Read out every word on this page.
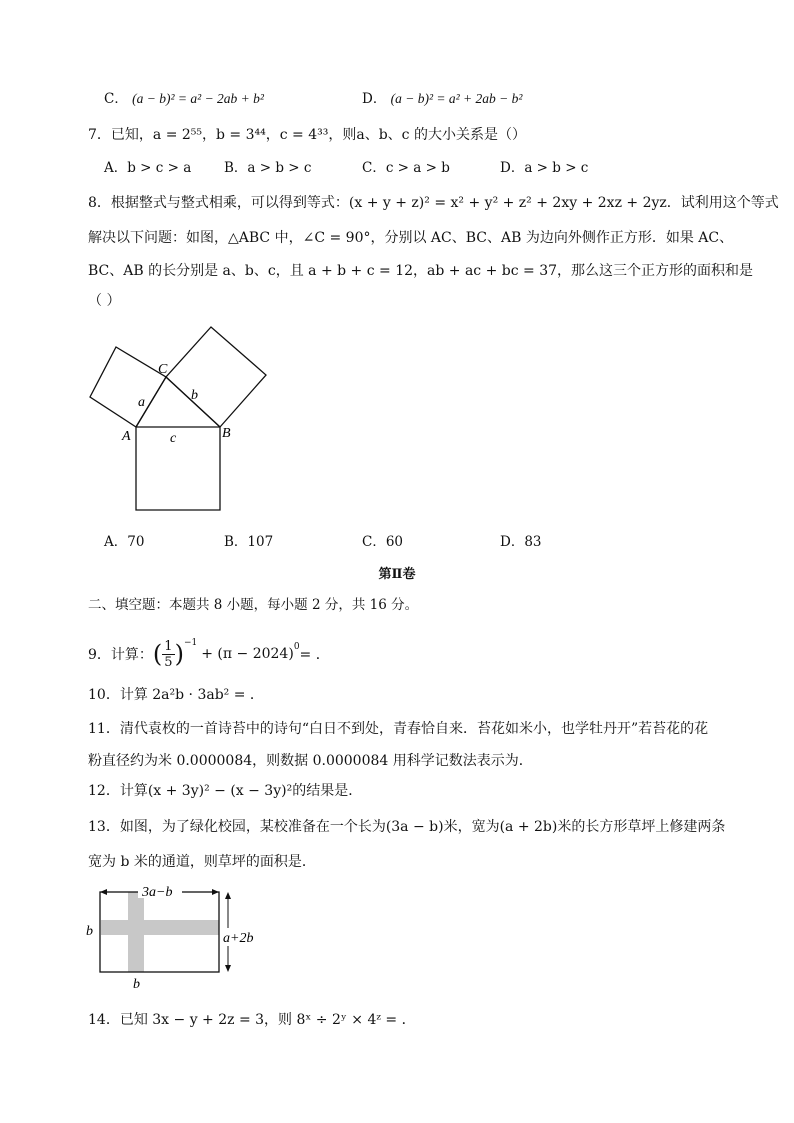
C． (a − b)² = a² − 2ab + b²	D． (a − b)² = a² + 2ab − b²
7．已知，a = 2⁵⁵，b = 3⁴⁴，c = 4³³，则a、b、c 的大小关系是（）
A．b > c > a B．a > b > c	C．c > a > b	D．a > b > c
8．根据整式与整式相乘，可以得到等式：(x + y + z)² = x² + y² + z² + 2xy + 2xz + 2yz．试利用这个等式
解决以下问题：如图，△ABC 中，∠C = 90°，分别以 AC、BC、AB 为边向外侧作正方形．如果 AC、
BC、AB 的长分别是 a、b、c，且 a + b + c = 12，ab + ac + bc = 37，那么这三个正方形的面积和是
（ ）
C
A	B
a	b
c
A．70	B．107	C．60	D．83
第Ⅱ卷
二、填空题：本题共 8 小题，每小题 2 分，共 16 分。
9．计算： ( $\frac{1}{5} )^{-1}$
+ $(\pi - 2024)^0$ = ．
10．计算 2a²b · 3ab² = ．
11．清代袁枚的一首诗苔中的诗句“白日不到处，青春恰自来．苔花如米小，也学牡丹开”若苔花的花
粉直径约为米 0.0000084，则数据 0.0000084 用科学记数法表示为．
12．计算(x + 3y)² − (x − 3y)²的结果是．
13．如图，为了绿化校园，某校准备在一个长为(3a − b)米，宽为(a + 2b)米的长方形草坪上修建两条
宽为 b 米的通道，则草坪的面积是．
3a−b
a+2b
b
b
14．已知 3x − y + 2z = 3，则 8ˣ ÷ 2ʸ × 4ᶻ = ．
